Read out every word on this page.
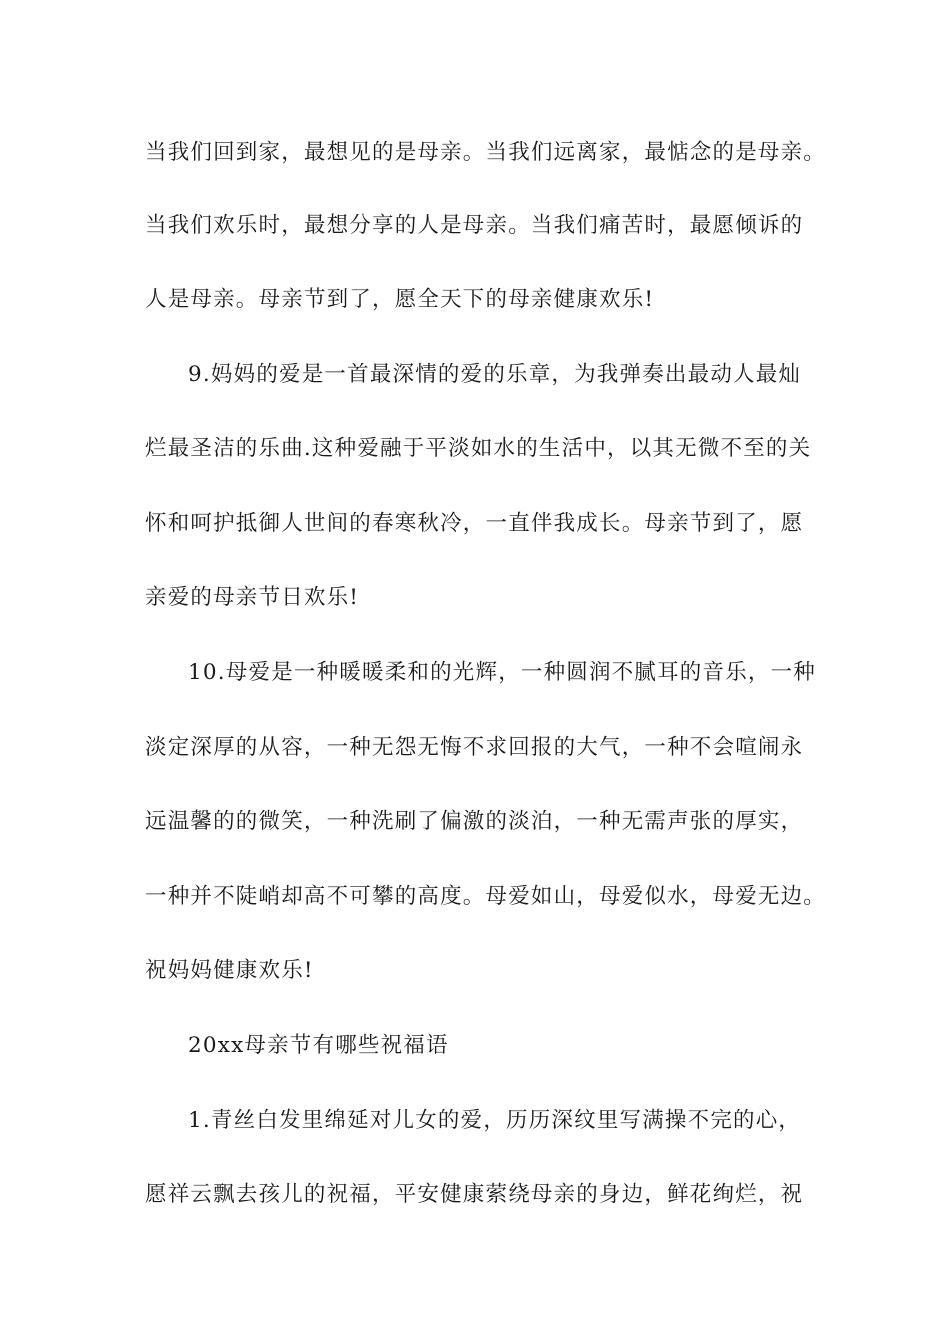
当我们回到家，最想见的是母亲。当我们远离家，最惦念的是母亲。
当我们欢乐时，最想分享的人是母亲。当我们痛苦时，最愿倾诉的
人是母亲。母亲节到了，愿全天下的母亲健康欢乐!
9.妈妈的爱是一首最深情的爱的乐章，为我弹奏出最动人最灿
烂最圣洁的乐曲.这种爱融于平淡如水的生活中，以其无微不至的关
怀和呵护抵御人世间的春寒秋冷，一直伴我成长。母亲节到了，愿
亲爱的母亲节日欢乐!
10.母爱是一种暖暖柔和的光辉，一种圆润不腻耳的音乐，一种
淡定深厚的从容，一种无怨无悔不求回报的大气，一种不会喧闹永
远温馨的的微笑，一种洗刷了偏激的淡泊，一种无需声张的厚实，
一种并不陡峭却高不可攀的高度。母爱如山，母爱似水，母爱无边。
祝妈妈健康欢乐!
20xx母亲节有哪些祝福语
1.青丝白发里绵延对儿女的爱，历历深纹里写满操不完的心，
愿祥云飘去孩儿的祝福，平安健康萦绕母亲的身边，鲜花绚烂，祝
